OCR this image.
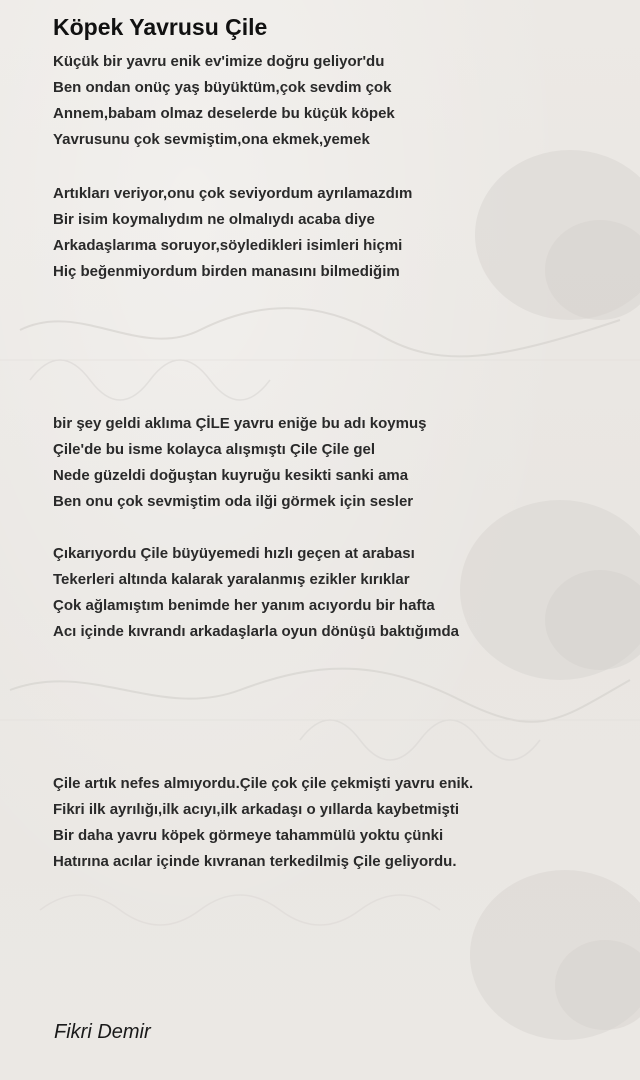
Köpek Yavrusu Çile
Küçük bir yavru enik ev'imize doğru geliyor'du
Ben ondan onüç yaş büyüktüm,çok sevdim çok
Annem,babam olmaz deselerde bu küçük köpek
Yavrusunu çok sevmiştim,ona ekmek,yemek
Artıkları veriyor,onu çok seviyordum ayrılamazdım
Bir isim koymalıydım ne olmalıydı acaba diye
Arkadaşlarıma soruyor,söyledikleri isimleri hiçmi
Hiç beğenmiyordum birden manasını bilmediğim
bir şey geldi aklıma ÇİLE yavru eniğe bu adı koymuş
Çile'de bu isme kolayca alışmıştı Çile Çile gel
Nede güzeldi doğuştan kuyruğu kesikti sanki ama
Ben onu çok sevmiştim oda ilği görmek için sesler
Çıkarıyordu Çile büyüyemedi hızlı geçen at arabası
Tekerleri altında kalarak yaralanmış ezikler kırıklar
Çok ağlamıştım benimde her yanım acıyordu bir hafta
Acı içinde kıvrandı arkadaşlarla oyun dönüşü baktığımda
Çile artık nefes almıyordu.Çile çok çile çekmişti yavru enik.
Fikri ilk ayrılığı,ilk acıyı,ilk arkadaşı o yıllarda kaybetmişti
Bir daha yavru köpek görmeye tahammülü yoktu çünki
Hatırına acılar içinde kıvranan terkedilmiş Çile geliyordu.
Fikri Demir
